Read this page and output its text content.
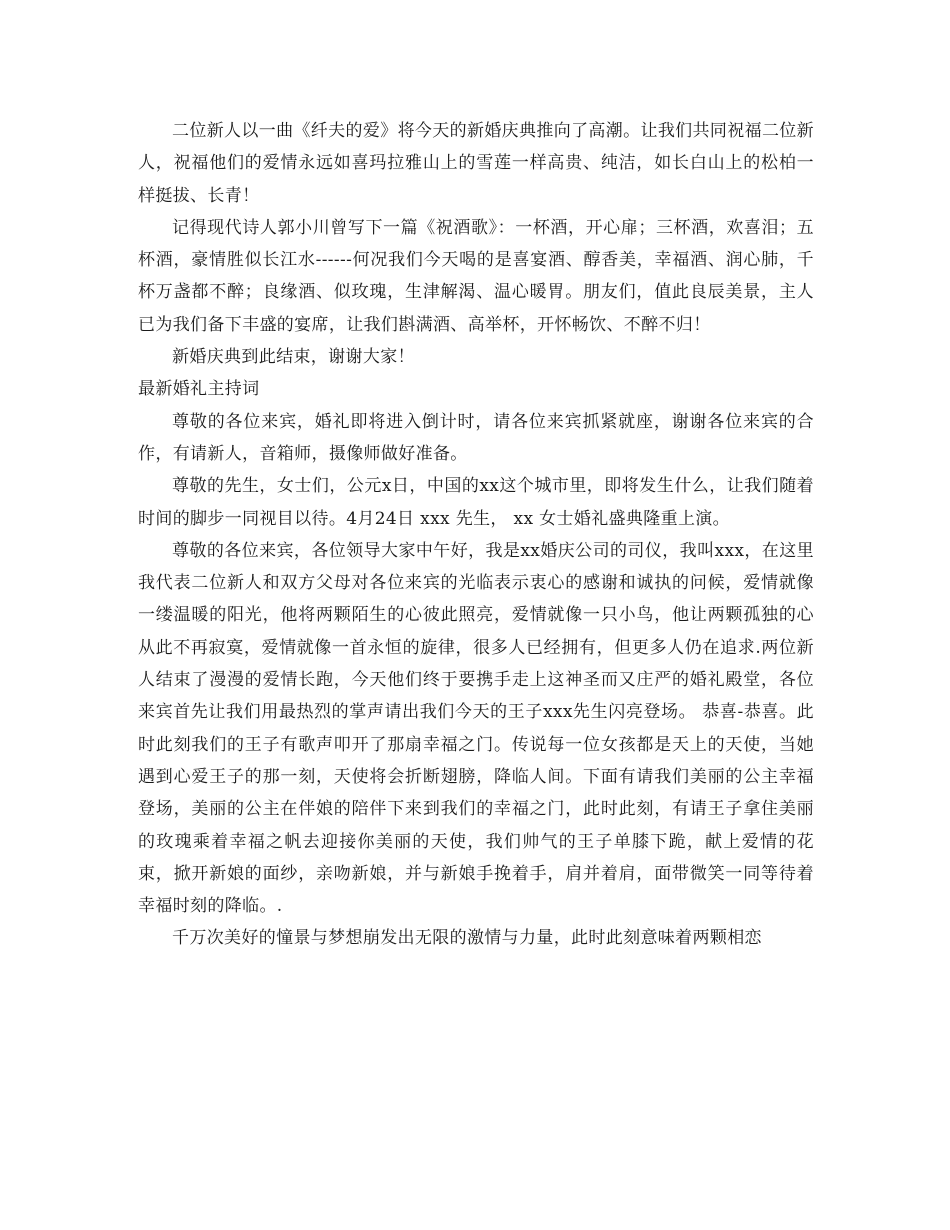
二位新人以一曲《纤夫的爱》将今天的新婚庆典推向了高潮。让我们共同祝福二位新人，祝福他们的爱情永远如喜玛拉雅山上的雪莲一样高贵、纯洁，如长白山上的松柏一样挺拔、长青！

记得现代诗人郭小川曾写下一篇《祝酒歌》：一杯酒，开心扉；三杯酒，欢喜泪；五杯酒，豪情胜似长江水------何况我们今天喝的是喜宴酒、醇香美，幸福酒、润心肺，千杯万盏都不醉；良缘酒、似玫瑰，生津解渴、温心暖胃。朋友们，值此良辰美景，主人已为我们备下丰盛的宴席，让我们斟满酒、高举杯，开怀畅饮、不醉不归！

新婚庆典到此结束，谢谢大家！

最新婚礼主持词

尊敬的各位来宾，婚礼即将进入倒计时，请各位来宾抓紧就座，谢谢各位来宾的合作，有请新人，音箱师，摄像师做好准备。

尊敬的先生，女士们，公元x日，中国的xx这个城市里，即将发生什么，让我们随着时间的脚步一同视目以待。4月24日 xxx 先生， xx 女士婚礼盛典隆重上演。

尊敬的各位来宾，各位领导大家中午好，我是xx婚庆公司的司仪，我叫xxx，在这里我代表二位新人和双方父母对各位来宾的光临表示衷心的感谢和诚执的问候，爱情就像一缕温暖的阳光，他将两颗陌生的心彼此照亮，爱情就像一只小鸟，他让两颗孤独的心从此不再寂寞，爱情就像一首永恒的旋律，很多人已经拥有，但更多人仍在追求.两位新人结束了漫漫的爱情长跑，今天他们终于要携手走上这神圣而又庄严的婚礼殿堂，各位来宾首先让我们用最热烈的掌声请出我们今天的王子xxx先生闪亮登场。 恭喜-恭喜。此时此刻我们的王子有歌声叩开了那扇幸福之门。传说每一位女孩都是天上的天使，当她遇到心爱王子的那一刻，天使将会折断翅膀，降临人间。下面有请我们美丽的公主幸福登场，美丽的公主在伴娘的陪伴下来到我们的幸福之门，此时此刻，有请王子拿住美丽的玫瑰乘着幸福之帆去迎接你美丽的天使，我们帅气的王子单膝下跪，献上爱情的花束，掀开新娘的面纱，亲吻新娘，并与新娘手挽着手，肩并着肩，面带微笑一同等待着幸福时刻的降临。.

千万次美好的憧景与梦想崩发出无限的激情与力量，此时此刻意味着两颗相恋
